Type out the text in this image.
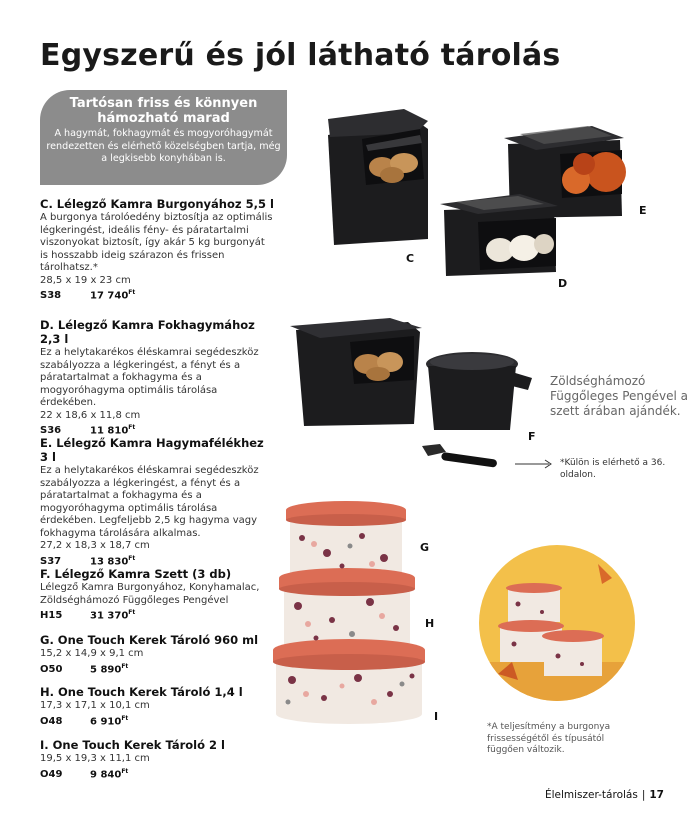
Egyszerű és jól látható tárolás
Tartósan friss és könnyen hámozható marad
A hagymát, fokhagymát és mogyoróhagymát rendezetten és elérhető közelségben tartja, még a legkisebb konyhában is.
C. Lélegző Kamra Burgonyához 5,5 l
A burgonya tárolóedény biztosítja az optimális légkeringést, ideális fény- és páratartalmi viszonyokat biztosít, így akár 5 kg burgonyát is hosszabb ideig szárazon és frissen tárolhatsz.*
28,5 x 19 x 23 cm
S38	17 $740^{Ft}$
D. Lélegző Kamra Fokhagymához 2,3 l
Ez a helytakarékos éléskamrai segédeszköz szabályozza a légkeringést, a fényt és a páratartalmat a fokhagyma és a mogyoróhagyma optimális tárolása érdekében.
22 x 18,6 x 11,8 cm
S36	11 $810^{Ft}$
E. Lélegző Kamra Hagymafélékhez 3 l
Ez a helytakarékos éléskamrai segédeszköz szabályozza a légkeringést, a fényt és a páratartalmat a fokhagyma és a mogyoróhagyma optimális tárolása érdekében. Legfeljebb 2,5 kg hagyma vagy fokhagyma tárolására alkalmas.
27,2 x 18,3 x 18,7 cm
S37	13 $830^{Ft}$
F. Lélegző Kamra Szett (3 db)
Lélegző Kamra Burgonyához, Konyhamalac, Zöldséghámozó Függőleges Pengével
H15	31 $370^{Ft}$
G. One Touch Kerek Tároló 960 ml
15,2 x 14,9 x 9,1 cm
O50	5 $890^{Ft}$
H. One Touch Kerek Tároló 1,4 l
17,3 x 17,1 x 10,1 cm
O48	6 $910^{Ft}$
I. One Touch Kerek Tároló 2 l
19,5 x 19,3 x 11,1 cm
O49	9 $840^{Ft}$
C
D
E
F
G
H
I
Zöldséghámozó Függőleges Pengével a szett árában ajándék.
*Külön is elérhető a 36. oldalon.
*A teljesítmény a burgonya frissességétől és típusától függően változik.
Élelmiszer-tárolás | 17
